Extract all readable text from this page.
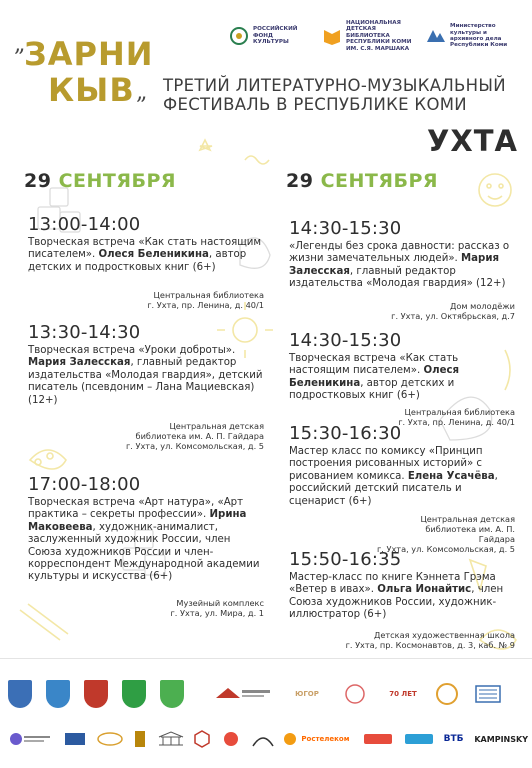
„
ЗАРНИ
КЫВ „
РОССИЙСКИЙ ФОНД КУЛЬТУРЫ
НАЦИОНАЛЬНАЯ ДЕТСКАЯ БИБЛИОТЕКА РЕСПУБЛИКИ КОМИ ИМ. С.Я. МАРШАКА
Министерство культуры и архивного дела Республики Коми
ТРЕТИЙ ЛИТЕРАТУРНО-МУЗЫКАЛЬНЫЙ ФЕСТИВАЛЬ В РЕСПУБЛИКЕ КОМИ
УХТА
29 СЕНТЯБРЯ
13:00-14:00
Творческая встреча «Как стать настоящим писателем». Олеся Беленикина, автор детских и подростковых книг (6+)
Центральная библиотека
г. Ухта, пр. Ленина, д. 40/1
13:30-14:30
Творческая встреча «Уроки доброты». Мария Залесская, главный редактор издательства «Молодая гвардия», детский писатель (псевдоним – Лана Мациевская) (12+)
Центральная детская библиотека им. А. П. Гайдара
г. Ухта, ул. Комсомольская, д. 5
17:00-18:00
Творческая встреча «Арт натура», «Арт практика – секреты профессии». Ирина Маковеева, художник-анималист, заслуженный художник России, член Союза художников России и член-корреспондент Международной академии культуры и искусства (6+)
Музейный комплекс
г. Ухта, ул. Мира, д. 1
29 СЕНТЯБРЯ
14:30-15:30
«Легенды без срока давности: рассказ о жизни замечательных людей». Мария Залесская, главный редактор издательства «Молодая гвардия» (12+)
Дом молодёжи
г. Ухта, ул. Октябрьская, д.7
14:30-15:30
Творческая встреча «Как стать настоящим писателем». Олеся Беленикина, автор детских и подростковых книг (6+)
Центральная библиотека
г. Ухта, пр. Ленина, д. 40/1
15:30-16:30
Мастер класс по комиксу «Принцип построения рисованных историй» с рисованием комикса. Елена Усачёва, российский детский писатель и сценарист (6+)
Центральная детская библиотека им. А. П. Гайдара
г. Ухта, ул. Комсомольская, д. 5
15:50-16:35
Мастер-класс по книге Кэннета Грэма «Ветер в ивах». Ольга Ионайтис, член Союза художников России, художник-иллюстратор (6+)
Детская художественная школа
г. Ухта, пр. Космонавтов, д. 3, каб. № 9
ЮГОР	70 ЛЕТ
Ростелеком	ВТБ KAMPINSKY
